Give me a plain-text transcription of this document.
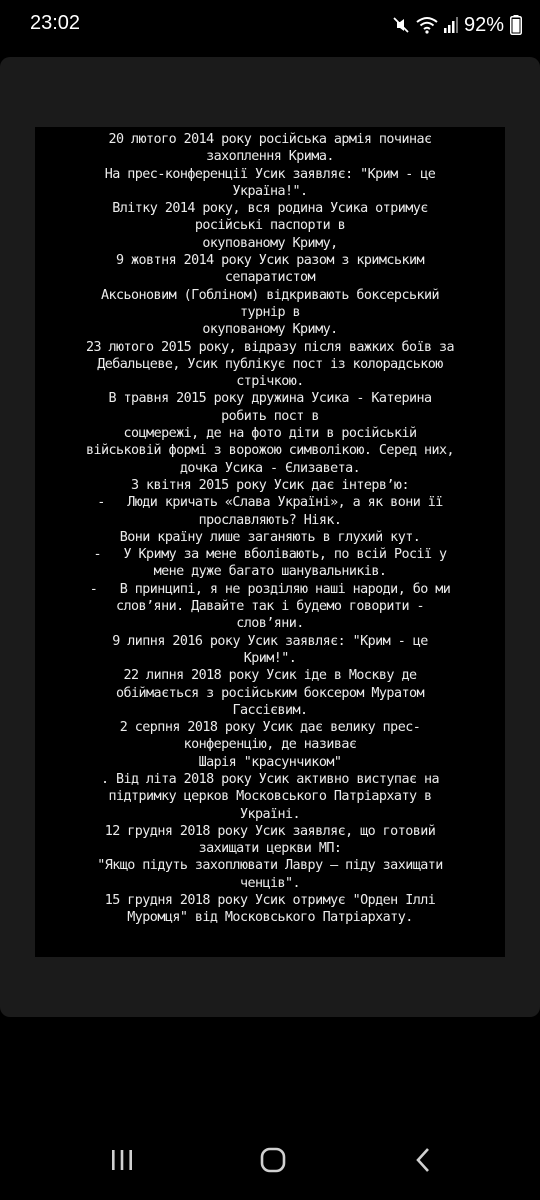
23:02	92%
20 лютого 2014 року російська армія починає
захоплення Крима.
На прес-конференції Усик заявляє: "Крим - це
Україна!".
Влітку 2014 року, вся родина Усика отримує
російські паспорти в
окупованому Криму,
9 жовтня 2014 року Усик разом з кримським
сепаратистом
Аксьоновим (Гобліном) відкривають боксерський
турнір в
окупованому Криму.
23 лютого 2015 року, відразу після важких боїв за
Дебальцеве, Усик публікує пост із колорадською
стрічкою.
В травня 2015 року дружина Усика - Катерина
робить пост в
соцмережі, де на фото діти в російській
військовій формі з ворожою символікою. Серед них,
дочка Усика - Єлизавета.
З квітня 2015 року Усик дає інтерв’ю:
-   Люди кричать «Слава Україні», а як вони її
прославляють? Ніяк.
Вони країну лише заганяють в глухий кут.
-   У Криму за мене вболівають, по всій Росії у
мене дуже багато шанувальників.
-   В принципі, я не розділяю наші народи, бо ми
слов’яни. Давайте так і будемо говорити -
слов’яни.
9 липня 2016 року Усик заявляє: "Крим - це
Крим!".
22 липня 2018 року Усик іде в Москву де
обіймається з російським боксером Муратом
Гассієвим.
2 серпня 2018 року Усик дає велику прес-
конференцію, де називає
Шарія "красунчиком"
. Від літа 2018 року Усик активно виступає на
підтримку церков Московського Патріархату в
Україні.
12 грудня 2018 року Усик заявляє, що готовий
захищати церкви МП:
"Якщо підуть захоплювати Лавру – піду захищати
ченців".
15 грудня 2018 року Усик отримує "Орден Іллі
Муромця" від Московського Патріархату.
